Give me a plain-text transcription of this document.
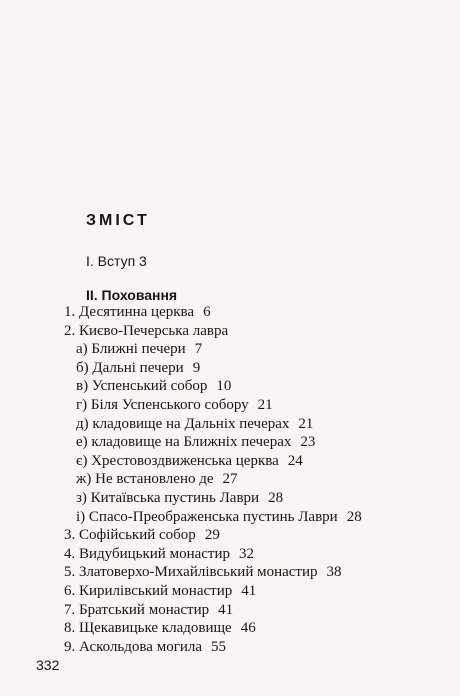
ЗМІСТ
І. Вступ 3
II. Поховання
1. Десятинна церква 6
2. Києво-Печерська лавра
а) Ближні печери 7
б) Дальні печери 9
в) Успенський собор 10
г) Біля Успенського собору 21
д) кладовище на Дальніх печерах 21
е) кладовище на Ближніх печерах 23
є) Хрестовоздвиженська церква 24
ж) Не встановлено де 27
з) Китаївська пустинь Лаври 28
і) Спасо-Преображенська пустинь Лаври 28
3. Софійський собор 29
4. Видубицький монастир 32
5. Златоверхо-Михайлівський монастир 38
6. Кирилівський монастир 41
7. Братський монастир 41
8. Щекавицьке кладовище 46
9. Аскольдова могила 55
332
